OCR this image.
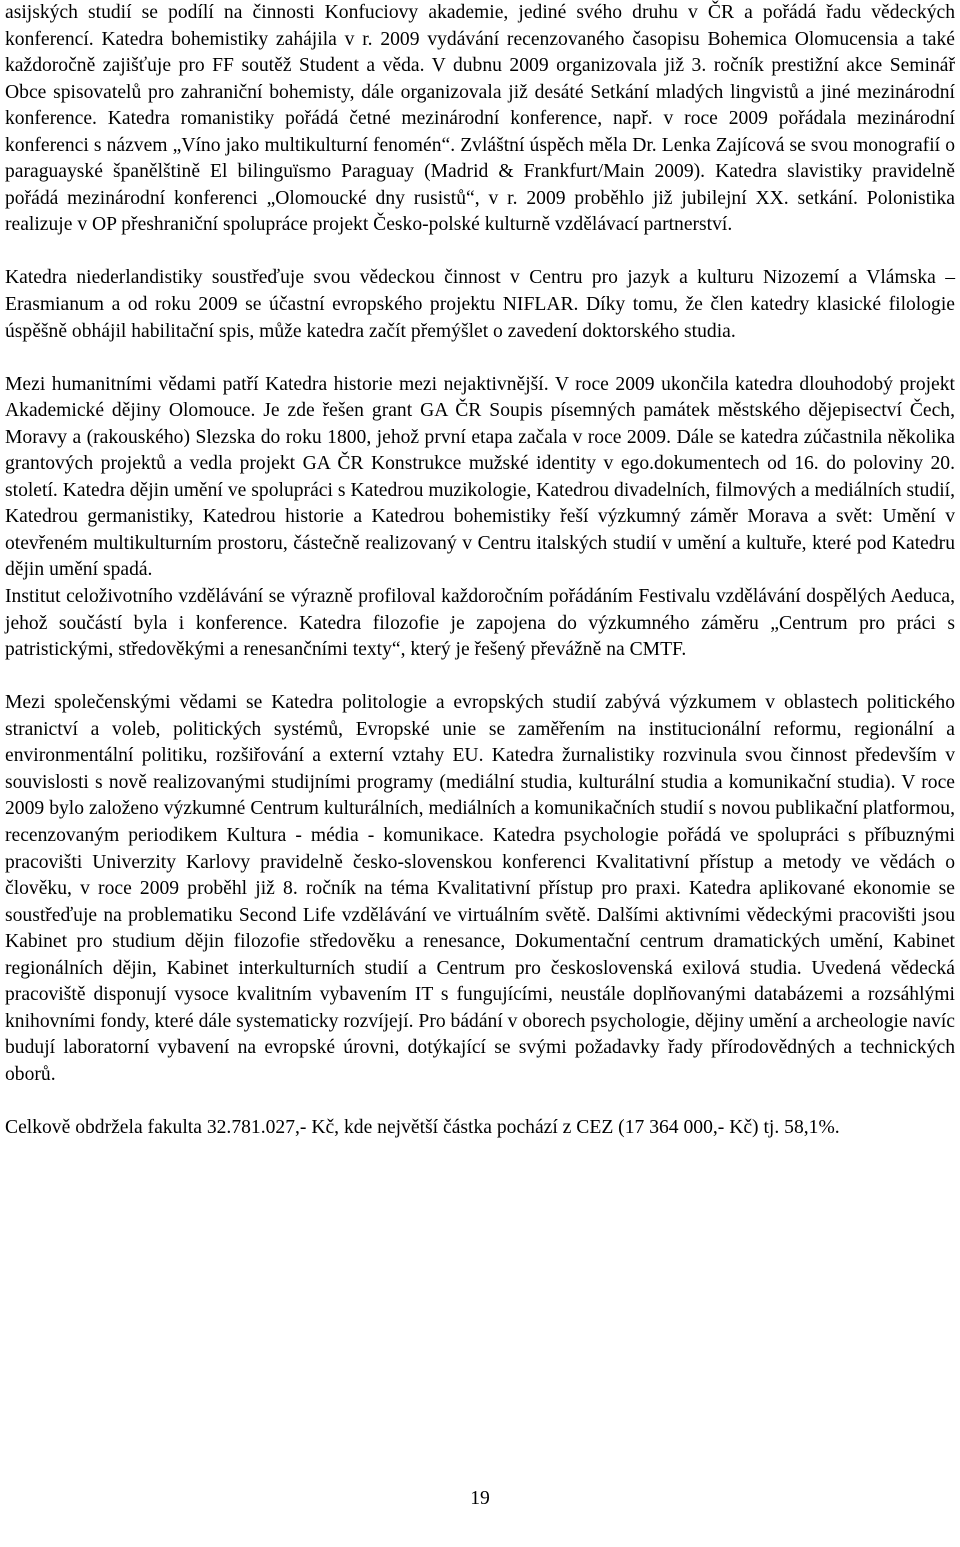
asijských studií se podílí na činnosti Konfuciovy akademie, jediné svého druhu v ČR a pořádá řadu vědeckých konferencí. Katedra bohemistiky zahájila v r. 2009 vydávání recenzovaného časopisu Bohemica Olomucensia a také každoročně zajišťuje pro FF soutěž Student a věda. V dubnu 2009 organizovala již 3. ročník prestižní akce Seminář Obce spisovatelů pro zahraniční bohemisty, dále organizovala již desáté Setkání mladých lingvistů a jiné mezinárodní konference. Katedra romanistiky pořádá četné mezinárodní konference, např. v roce 2009 pořádala mezinárodní konferenci s názvem „Víno jako multikulturní fenomén“. Zvláštní úspěch měla Dr. Lenka Zajícová se svou monografií o paraguayské španělštině El bilinguïsmo Paraguay (Madrid & Frankfurt/Main 2009). Katedra slavistiky pravidelně pořádá mezinárodní konferenci „Olomoucké dny rusistů“, v r. 2009 proběhlo již jubilejní XX. setkání. Polonistika realizuje v OP přeshraniční spolupráce projekt Česko-polské kulturně vzdělávací partnerství.

Katedra niederlandistiky soustřeďuje svou vědeckou činnost v Centru pro jazyk a kulturu Nizozemí a Vlámska – Erasmianum a od roku 2009 se účastní evropského projektu NIFLAR. Díky tomu, že člen katedry klasické filologie úspěšně obhájil habilitační spis, může katedra začít přemýšlet o zavedení doktorského studia.

Mezi humanitními vědami patří Katedra historie mezi nejaktivnější. V roce 2009 ukončila katedra dlouhodobý projekt Akademické dějiny Olomouce. Je zde řešen grant GA ČR Soupis písemných památek městského dějepisectví Čech, Moravy a (rakouského) Slezska do roku 1800, jehož první etapa začala v roce 2009. Dále se katedra zúčastnila několika grantových projektů a vedla projekt GA ČR Konstrukce mužské identity v ego.dokumentech od 16. do poloviny 20. století. Katedra dějin umění ve spolupráci s Katedrou muzikologie, Katedrou divadelních, filmových a mediálních studií, Katedrou germanistiky, Katedrou historie a Katedrou bohemistiky řeší výzkumný záměr Morava a svět: Umění v otevřeném multikulturním prostoru, částečně realizovaný v Centru italských studií v umění a kultuře, které pod Katedru dějin umění spadá.

Institut celoživotního vzdělávání se výrazně profiloval každoročním pořádáním Festivalu vzdělávání dospělých Aeduca, jehož součástí byla i konference. Katedra filozofie je zapojena do výzkumného záměru „Centrum pro práci s patristickými, středověkými a renesančními texty“, který je řešený převážně na CMTF.

Mezi společenskými vědami se Katedra politologie a evropských studií zabývá výzkumem v oblastech politického stranictví a voleb, politických systémů, Evropské unie se zaměřením na institucionální reformu, regionální a environmentální politiku, rozšiřování a externí vztahy EU. Katedra žurnalistiky rozvinula svou činnost především v souvislosti s nově realizovanými studijními programy (mediální studia, kulturální studia a komunikační studia). V roce 2009 bylo založeno výzkumné Centrum kulturálních, mediálních a komunikačních studií s novou publikační platformou, recenzovaným periodikem Kultura - média - komunikace. Katedra psychologie pořádá ve spolupráci s příbuznými pracovišti Univerzity Karlovy pravidelně česko-slovenskou konferenci Kvalitativní přístup a metody ve vědách o člověku, v roce 2009 proběhl již 8. ročník na téma Kvalitativní přístup pro praxi. Katedra aplikované ekonomie se soustřeďuje na problematiku Second Life vzdělávání ve virtuálním světě. Dalšími aktivními vědeckými pracovišti jsou Kabinet pro studium dějin filozofie středověku a renesance, Dokumentační centrum dramatických umění, Kabinet regionálních dějin, Kabinet interkulturních studií a Centrum pro československá exilová studia. Uvedená vědecká pracoviště disponují vysoce kvalitním vybavením IT s fungujícími, neustále doplňovanými databázemi a rozsáhlými knihovními fondy, které dále systematicky rozvíjejí. Pro bádání v oborech psychologie, dějiny umění a archeologie navíc budují laboratorní vybavení na evropské úrovni, dotýkající se svými požadavky řady přírodovědných a technických oborů.

Celkově obdržela fakulta 32.781.027,- Kč, kde největší částka pochází z CEZ (17 364 000,- Kč) tj. 58,1%.

19
